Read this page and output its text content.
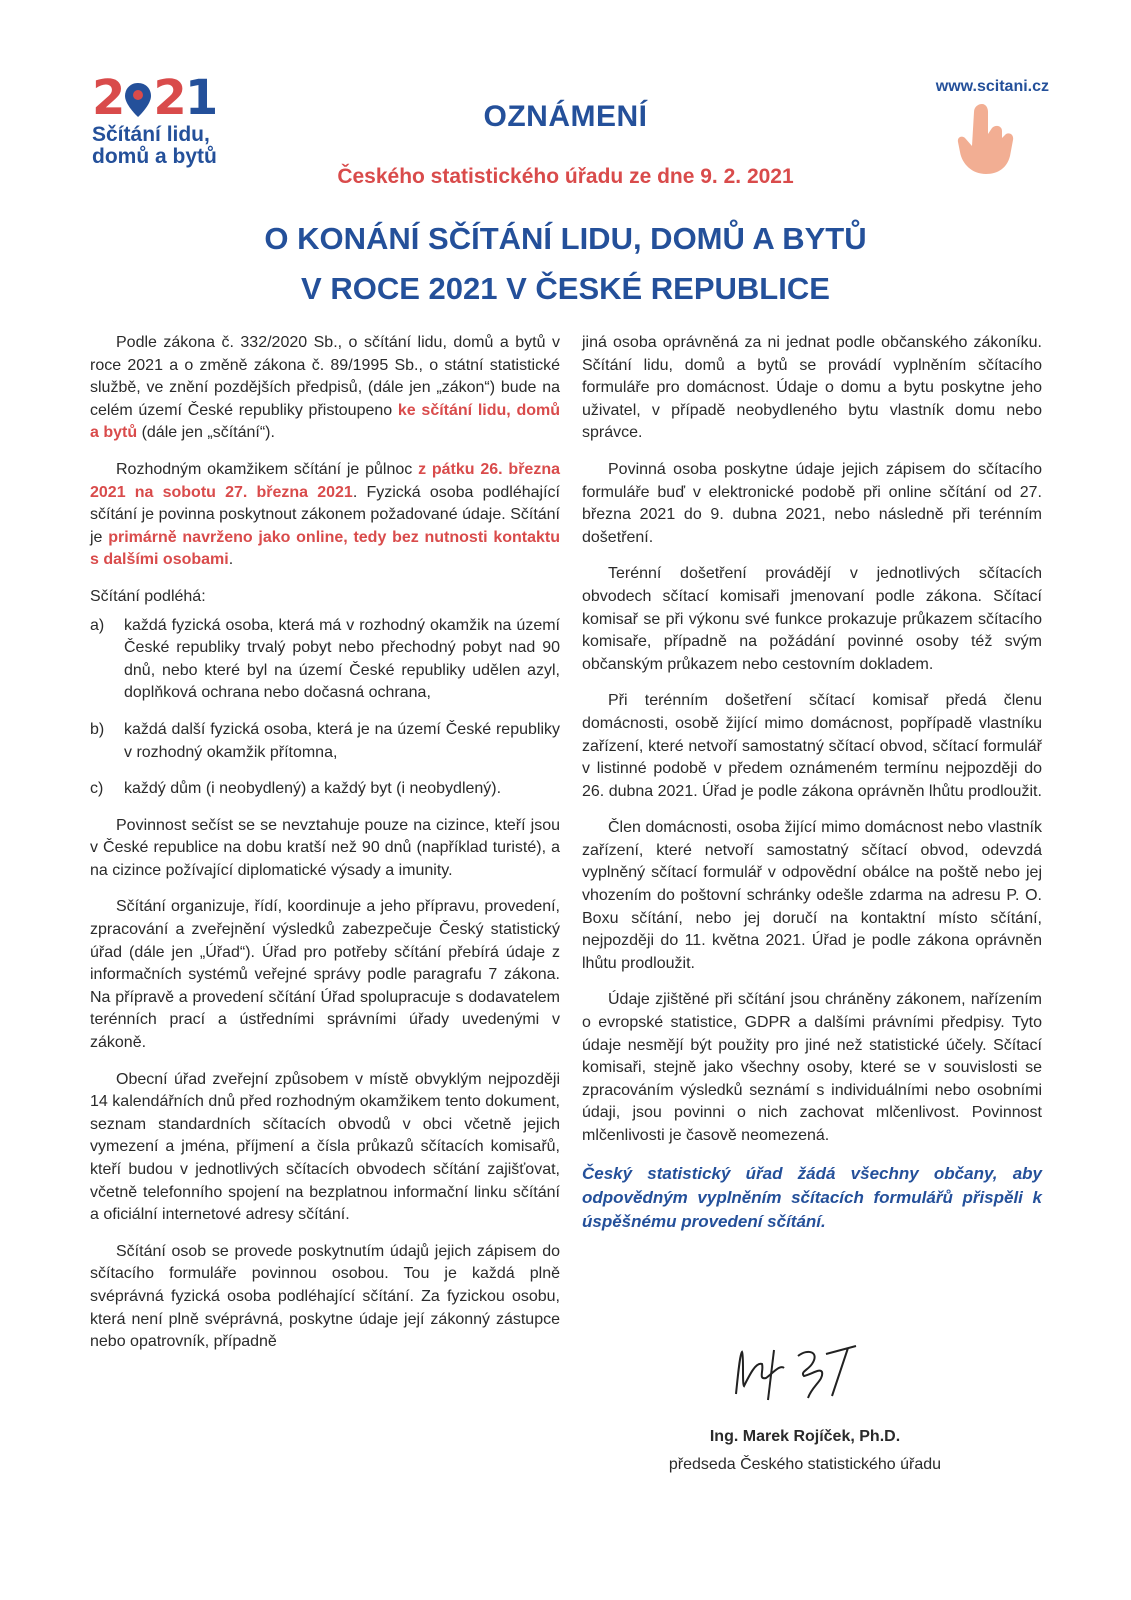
2 2 1
Sčítání lidu,
domů a bytů
www.scitani.cz
OZNÁMENÍ
Českého statistického úřadu ze dne 9. 2. 2021
O KONÁNÍ SČÍTÁNÍ LIDU, DOMŮ A BYTŮ
V ROCE 2021 V ČESKÉ REPUBLICE

Podle zákona č. 332/2020 Sb., o sčítání lidu, domů a bytů v roce 2021 a o změně zákona č. 89/1995 Sb., o státní statistické službě, ve znění pozdějších předpisů, (dále jen „zákon“) bude na celém území České republiky přistoupeno ke sčítání lidu, domů a bytů (dále jen „sčítání“).

Rozhodným okamžikem sčítání je půlnoc z pátku 26. března 2021 na sobotu 27. března 2021. Fyzická osoba podléhající sčítání je povinna poskytnout zákonem požadované údaje. Sčítání je primárně navrženo jako online, tedy bez nutnosti kontaktu s dalšími osobami.

Sčítání podléhá:

a)	každá fyzická osoba, která má v rozhodný okamžik na území České republiky trvalý pobyt nebo přechodný pobyt nad 90 dnů, nebo které byl na území České republiky udělen azyl, doplňková ochrana nebo dočasná ochrana,
b)	každá další fyzická osoba, která je na území České republiky v rozhodný okamžik přítomna,
c)	každý dům (i neobydlený) a každý byt (i neobydlený).

Povinnost sečíst se se nevztahuje pouze na cizince, kteří jsou v České republice na dobu kratší než 90 dnů (například turisté), a na cizince požívající diplomatické výsady a imunity.

Sčítání organizuje, řídí, koordinuje a jeho přípravu, provedení, zpracování a zveřejnění výsledků zabezpečuje Český statistický úřad (dále jen „Úřad“). Úřad pro potřeby sčítání přebírá údaje z informačních systémů veřejné správy podle paragrafu 7 zákona. Na přípravě a provedení sčítání Úřad spolupracuje s dodavatelem terénních prací a ústředními správními úřady uvedenými v zákoně.

Obecní úřad zveřejní způsobem v místě obvyklým nejpozději 14 kalendářních dnů před rozhodným okamžikem tento dokument, seznam standardních sčítacích obvodů v obci včetně jejich vymezení a jména, příjmení a čísla průkazů sčítacích komisařů, kteří budou v jednotlivých sčítacích obvodech sčítání zajišťovat, včetně telefonního spojení na bezplatnou informační linku sčítání a oficiální internetové adresy sčítání.

Sčítání osob se provede poskytnutím údajů jejich zápisem do sčítacího formuláře povinnou osobou. Tou je každá plně svéprávná fyzická osoba podléhající sčítání. Za fyzickou osobu, která není plně svéprávná, poskytne údaje její zákonný zástupce nebo opatrovník, případně

jiná osoba oprávněná za ni jednat podle občanského zákoníku. Sčítání lidu, domů a bytů se provádí vyplněním sčítacího formuláře pro domácnost. Údaje o domu a bytu poskytne jeho uživatel, v případě neobydleného bytu vlastník domu nebo správce.

Povinná osoba poskytne údaje jejich zápisem do sčítacího formuláře buď v elektronické podobě při online sčítání od 27. března 2021 do 9. dubna 2021, nebo následně při terénním došetření.

Terénní došetření provádějí v jednotlivých sčítacích obvodech sčítací komisaři jmenovaní podle zákona. Sčítací komisař se při výkonu své funkce prokazuje průkazem sčítacího komisaře, případně na požádání povinné osoby též svým občanským průkazem nebo cestovním dokladem.

Při terénním došetření sčítací komisař předá členu domácnosti, osobě žijící mimo domácnost, popřípadě vlastníku zařízení, které netvoří samostatný sčítací obvod, sčítací formulář v listinné podobě v předem oznámeném termínu nejpozději do 26. dubna 2021. Úřad je podle zákona oprávněn lhůtu prodloužit.

Člen domácnosti, osoba žijící mimo domácnost nebo vlastník zařízení, které netvoří samostatný sčítací obvod, odevzdá vyplněný sčítací formulář v odpovědní obálce na poště nebo jej vhozením do poštovní schránky odešle zdarma na adresu P. O. Boxu sčítání, nebo jej doručí na kontaktní místo sčítání, nejpozději do 11. května 2021. Úřad je podle zákona oprávněn lhůtu prodloužit.

Údaje zjištěné při sčítání jsou chráněny zákonem, nařízením o evropské statistice, GDPR a dalšími právními předpisy. Tyto údaje nesmějí být použity pro jiné než statistické účely. Sčítací komisaři, stejně jako všechny osoby, které se v souvislosti se zpracováním výsledků seznámí s individuálními nebo osobními údaji, jsou povinni o nich zachovat mlčenlivost. Povinnost mlčenlivosti je časově neomezená.

Český statistický úřad žádá všechny občany, aby odpovědným vyplněním sčítacích formulářů přispěli k úspěšnému provedení sčítání.
Ing. Marek Rojíček, Ph.D.
předseda Českého statistického úřadu
